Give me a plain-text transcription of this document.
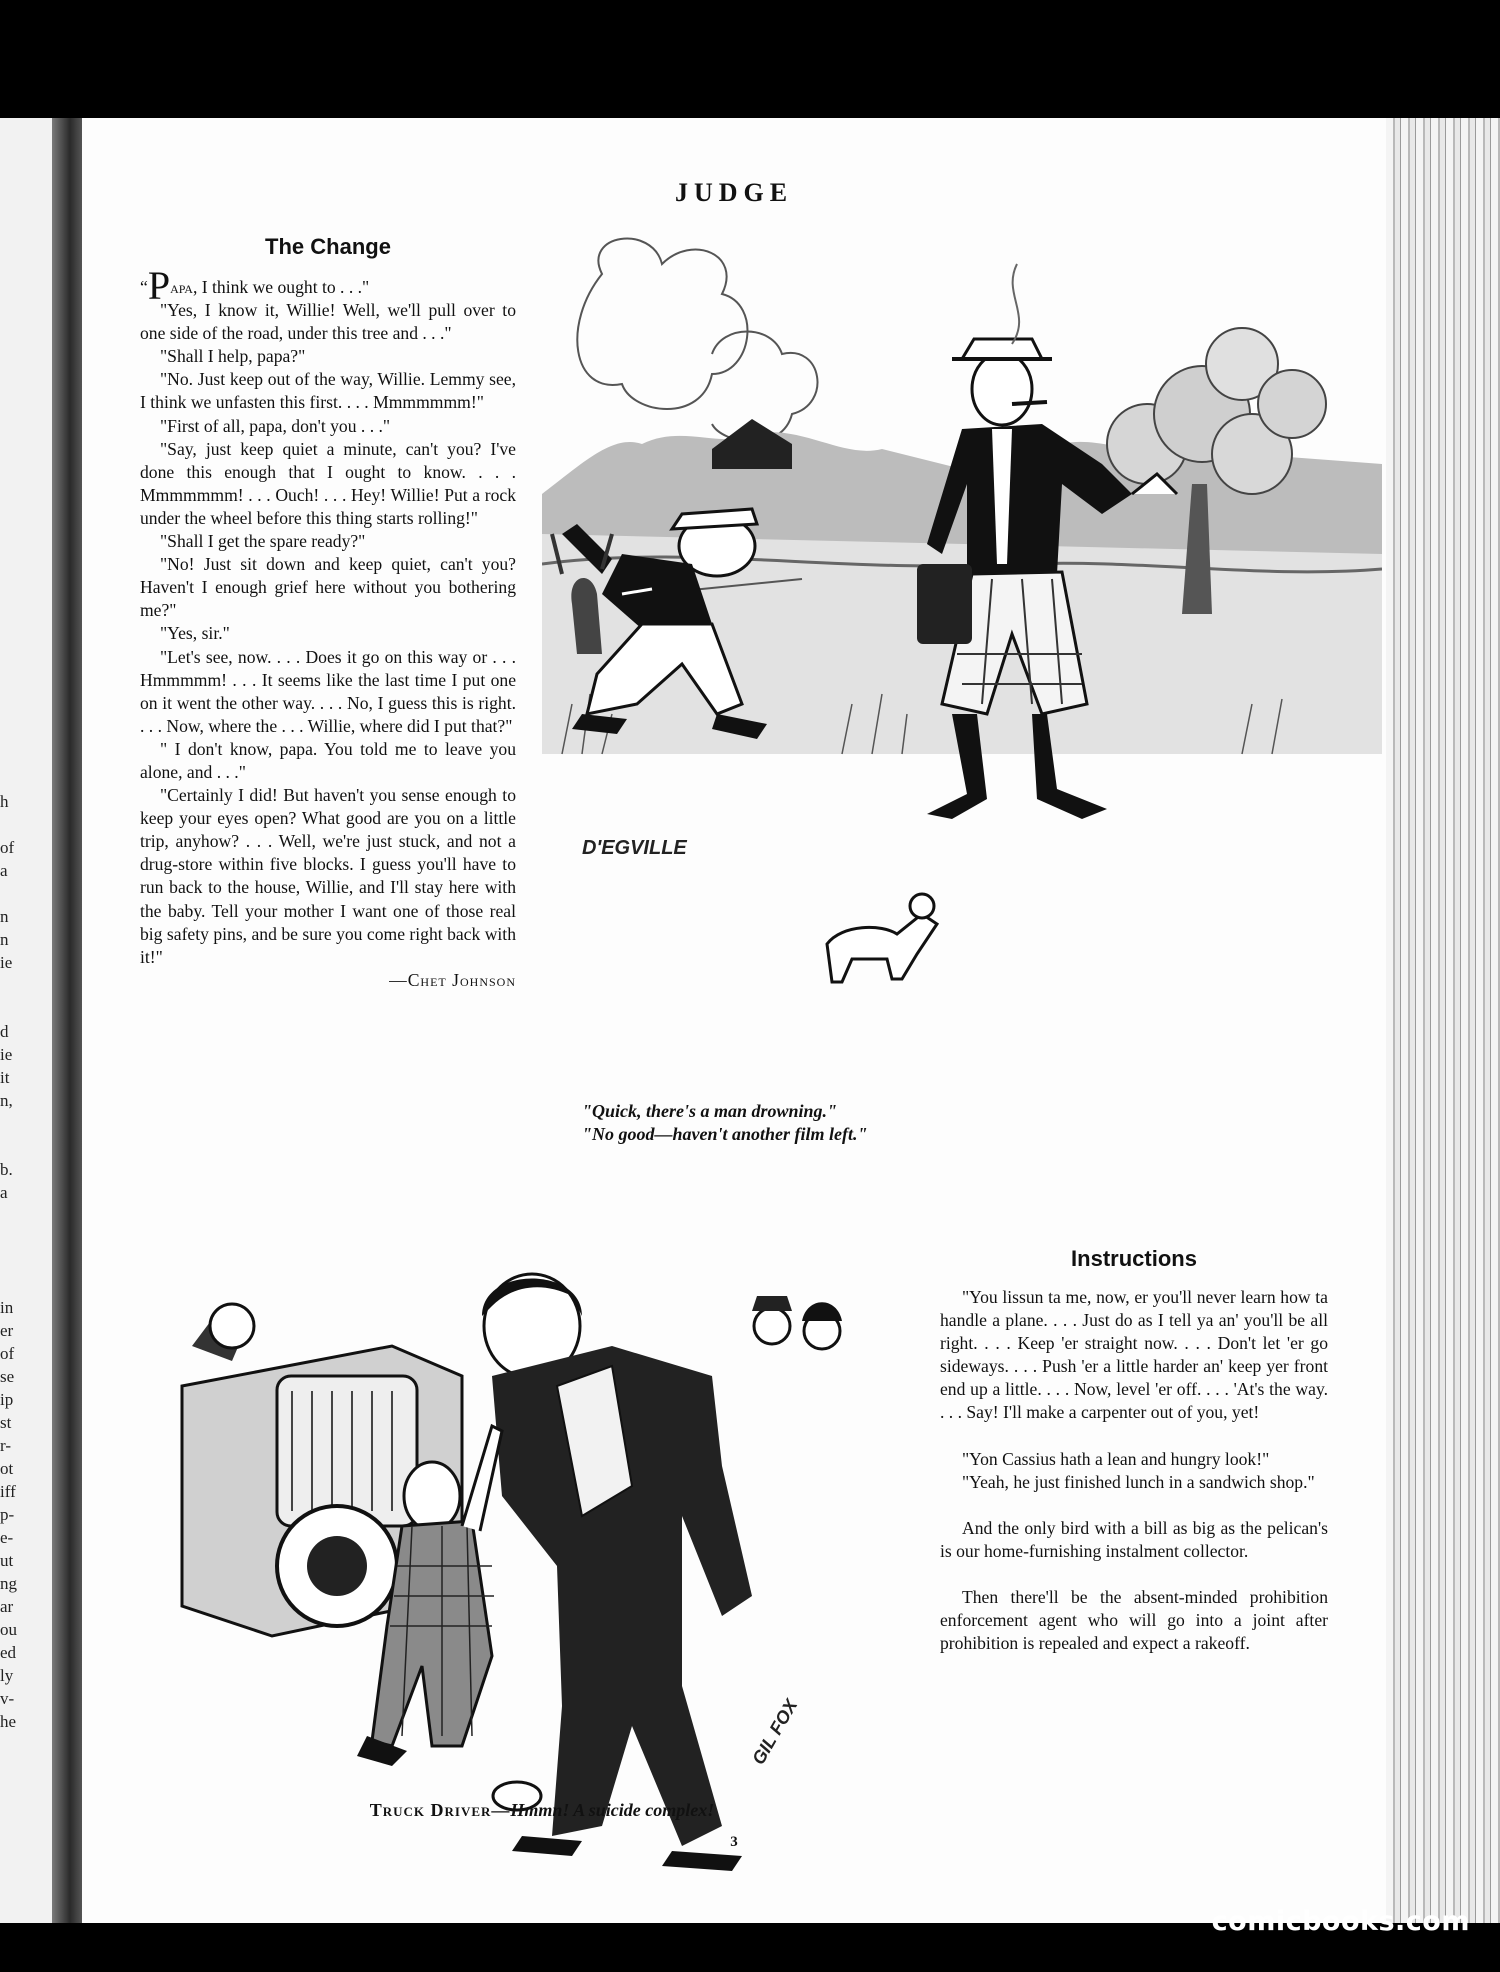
h
of
a
n
n
ie
d
ie
it
n,
b.
a
in
er
of
se
ip
st
r-
ot
iff
p-
e-
ut
ng
ar
ou
ed
ly
v-
he
JUDGE
The Change

“Papa, I think we ought to . . ."

"Yes, I know it, Willie! Well, we'll pull over to one side of the road, under this tree and . . ."

"Shall I help, papa?"

"No. Just keep out of the way, Willie. Lemmy see, I think we unfasten this first. . . . Mmmmmmm!"

"First of all, papa, don't you . . ."

"Say, just keep quiet a minute, can't you? I've done this enough that I ought to know. . . . Mmmmmmm! . . . Ouch! . . . Hey! Willie! Put a rock under the wheel before this thing starts rolling!"

"Shall I get the spare ready?"

"No! Just sit down and keep quiet, can't you? Haven't I enough grief here without you bothering me?"

"Yes, sir."

"Let's see, now. . . . Does it go on this way or . . . Hmmmmm! . . . It seems like the last time I put one on it went the other way. . . . No, I guess this is right. . . . Now, where the . . . Willie, where did I put that?"

" I don't know, papa. You told me to leave you alone, and . . ."

"Certainly I did! But haven't you sense enough to keep your eyes open? What good are you on a little trip, anyhow? . . . Well, we're just stuck, and not a drug-store within five blocks. I guess you'll have to run back to the house, Willie, and I'll stay here with the baby. Tell your mother I want one of those real big safety pins, and be sure you come right back with it!"

—Chet Johnson

D'EGVILLE
"Quick, there's a man drowning."
"No good—haven't another film left."
Instructions

"You lissun ta me, now, er you'll never learn how ta handle a plane. . . . Just do as I tell ya an' you'll be all right. . . . Keep 'er straight now. . . . Don't let 'er go sideways. . . . Push 'er a little harder an' keep yer front end up a little. . . . Now, level 'er off. . . . 'At's the way. . . . Say! I'll make a carpenter out of you, yet!

"Yon Cassius hath a lean and hungry look!"

"Yeah, he just finished lunch in a sandwich shop."

And the only bird with a bill as big as the pelican's is our home-furnishing instalment collector.

Then there'll be the absent-minded prohibition enforcement agent who will go into a joint after prohibition is repealed and expect a rakeoff.

GIL FOX
Truck Driver—Hmmn! A suicide complex!
3
comicbooks.com
